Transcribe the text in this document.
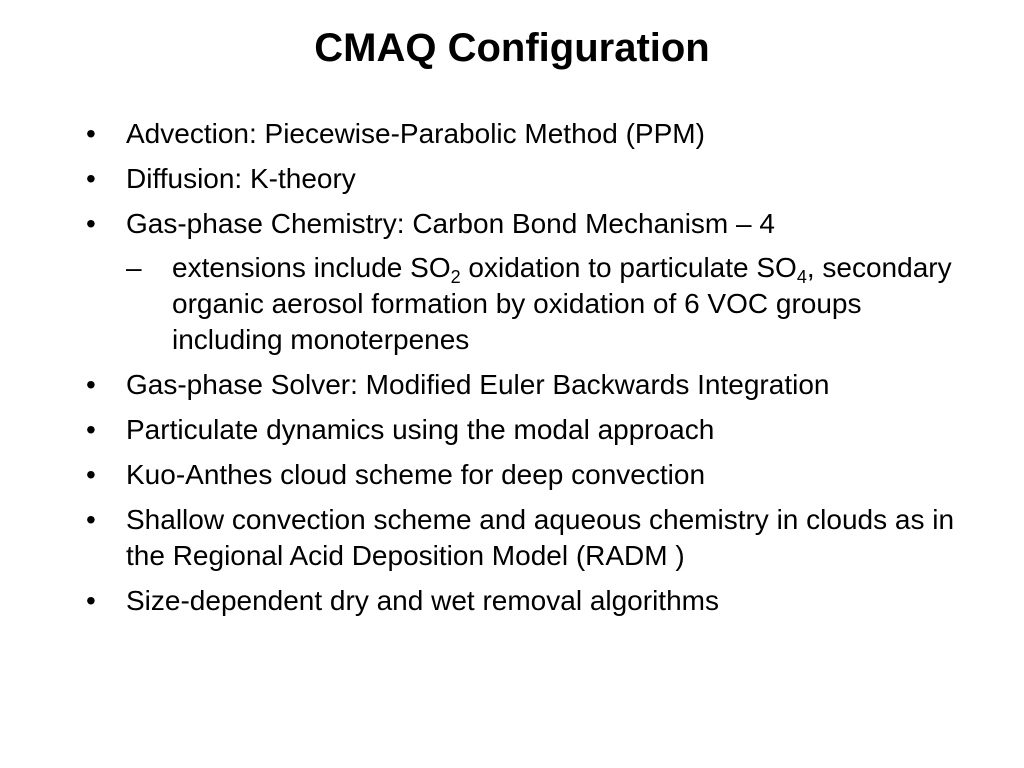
CMAQ Configuration
•	Advection: Piecewise-Parabolic Method (PPM)
•	Diffusion: K-theory
•	Gas-phase Chemistry: Carbon Bond Mechanism – 4
–	extensions include $SO_2$ oxidation to particulate $SO_4$, secondary organic aerosol formation by oxidation of 6 VOC groups including monoterpenes
•	Gas-phase Solver: Modified Euler Backwards Integration
•	Particulate dynamics using the modal approach
•	Kuo-Anthes cloud scheme for deep convection
•	Shallow convection scheme and aqueous chemistry in clouds as in the Regional Acid Deposition Model (RADM )
•	Size-dependent dry and wet removal algorithms
